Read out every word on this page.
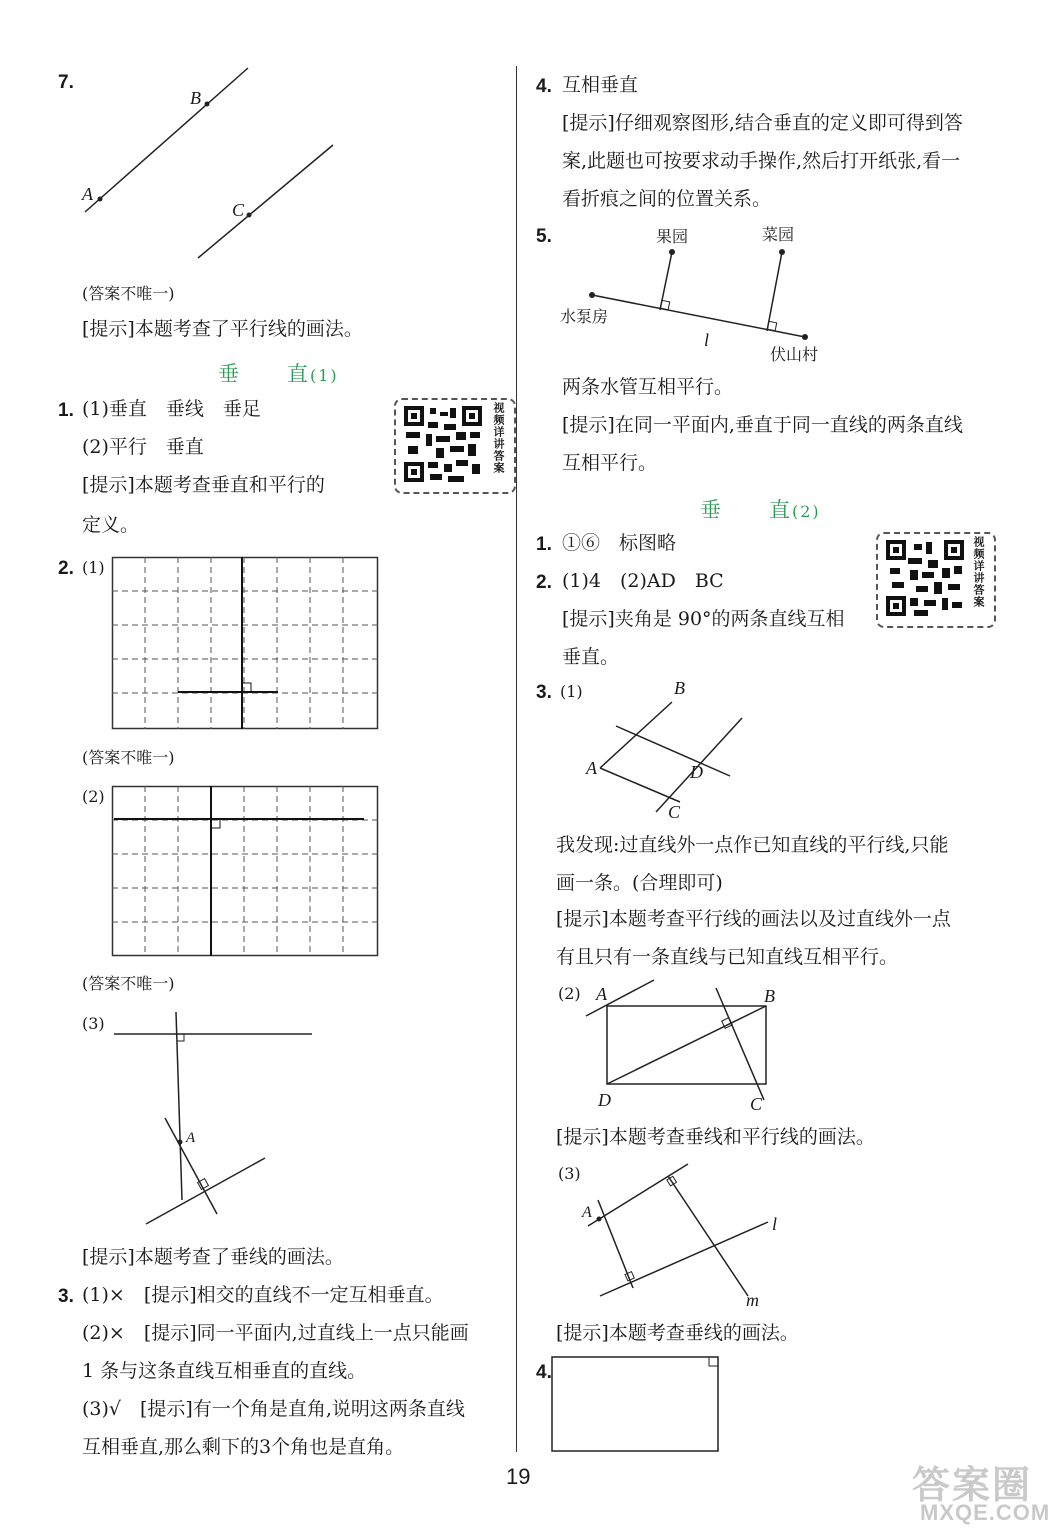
7.
B
A
C
(答案不唯一)
[提示]本题考查了平行线的画法。
垂 直(1)
1. (1)垂直　垂线　垂足
(2)平行　垂直
[提示]本题考查垂直和平行的
定义。
视频详讲答案
2. (1)
(答案不唯一)
(2)
(答案不唯一)
(3)
A
[提示]本题考查了垂线的画法。
3. (1)×　[提示]相交的直线不一定互相垂直。
(2)×　[提示]同一平面内,过直线上一点只能画
1 条与这条直线互相垂直的直线。
(3)√　[提示]有一个角是直角,说明这两条直线
互相垂直,那么剩下的3个角也是直角。
4. 互相垂直
[提示]仔细观察图形,结合垂直的定义即可得到答
案,此题也可按要求动手操作,然后打开纸张,看一
看折痕之间的位置关系。
5.	果园	菜园
水泵房
l
伏山村
两条水管互相平行。
[提示]在同一平面内,垂直于同一直线的两条直线
互相平行。
垂 直(2)
视频详讲答案
1. ①⑥　标图略
2. (1)4　(2)AD　BC
[提示]夹角是 90°的两条直线互相
垂直。
3. (1)	B
A	D
C
我发现:过直线外一点作已知直线的平行线,只能
画一条。(合理即可)
[提示]本题考查平行线的画法以及过直线外一点
有且只有一条直线与已知直线互相平行。
(2) A	B
D	C
[提示]本题考查垂线和平行线的画法。
(3)
A
l
m
[提示]本题考查垂线的画法。
4.
19	答案圈
MXQE.COM
